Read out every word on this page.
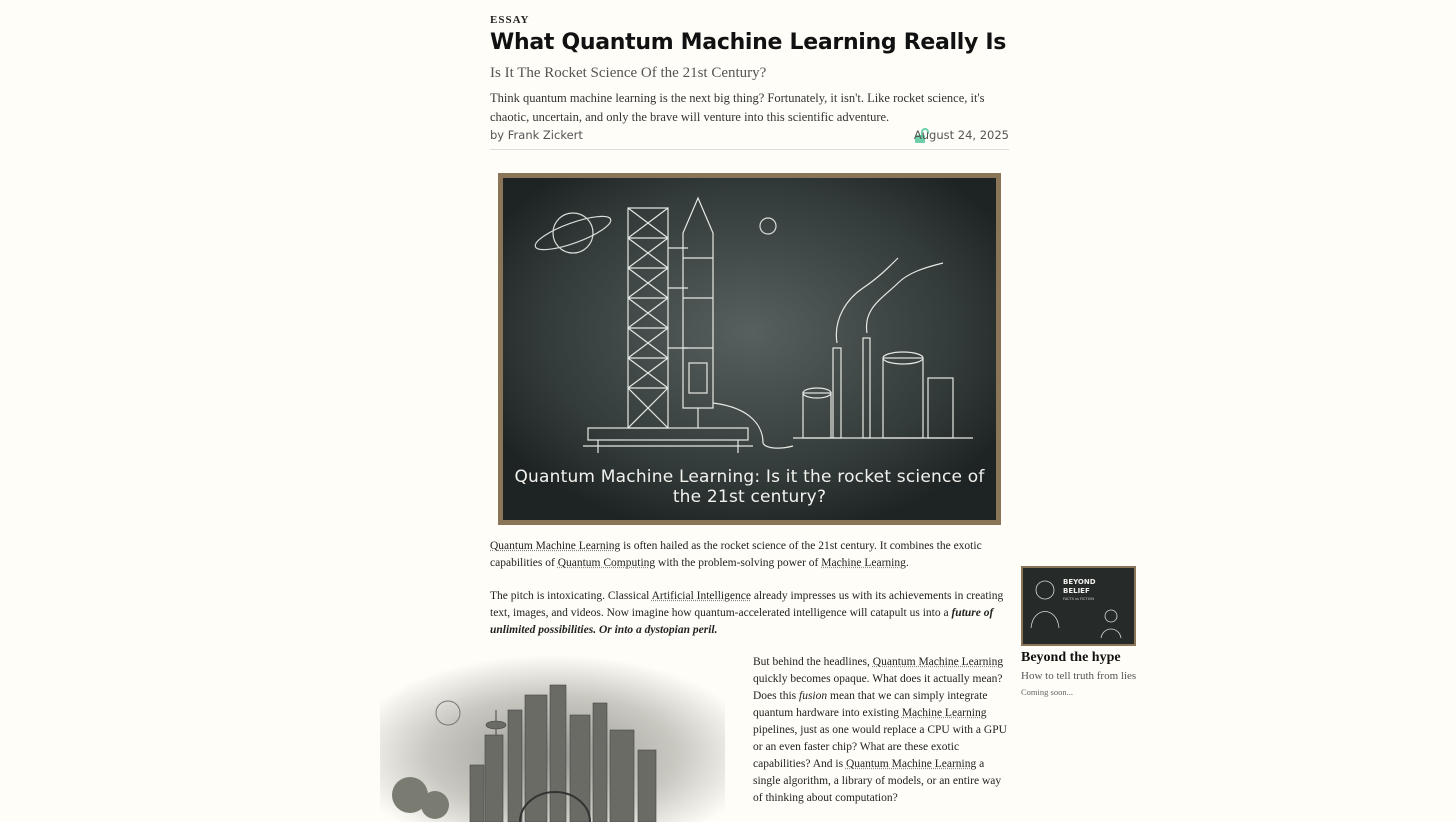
ESSAY
What Quantum Machine Learning Really Is
Is It The Rocket Science Of the 21st Century?

Think quantum machine learning is the next big thing? Fortunately, it isn't. Like rocket science, it's chaotic, uncertain, and only the brave will venture into this scientific adventure.

by Frank Zickert	August 24, 2025
Quantum Machine Learning: Is it the rocket science of the 21st century?

Quantum Machine Learning is often hailed as the rocket science of the 21st century. It combines the exotic capabilities of Quantum Computing with the problem-solving power of Machine Learning.

The pitch is intoxicating. Classical Artificial Intelligence already impresses us with its achievements in creating text, images, and videos. Now imagine how quantum-accelerated intelligence will catapult us into a future of unlimited possibilities. Or into a dystopian peril.

But behind the headlines, Quantum Machine Learning quickly becomes opaque. What does it actually mean? Does this fusion mean that we can simply integrate quantum hardware into existing Machine Learning pipelines, just as one would replace a CPU with a GPU or an even faster chip? What are these exotic capabilities? And is Quantum Machine Learning a single algorithm, a library of models, or an entire way of thinking about computation?

BEYOND
BELIEF
FACTS vs FICTION
Beyond the hype
How to tell truth from lies
Coming soon...
